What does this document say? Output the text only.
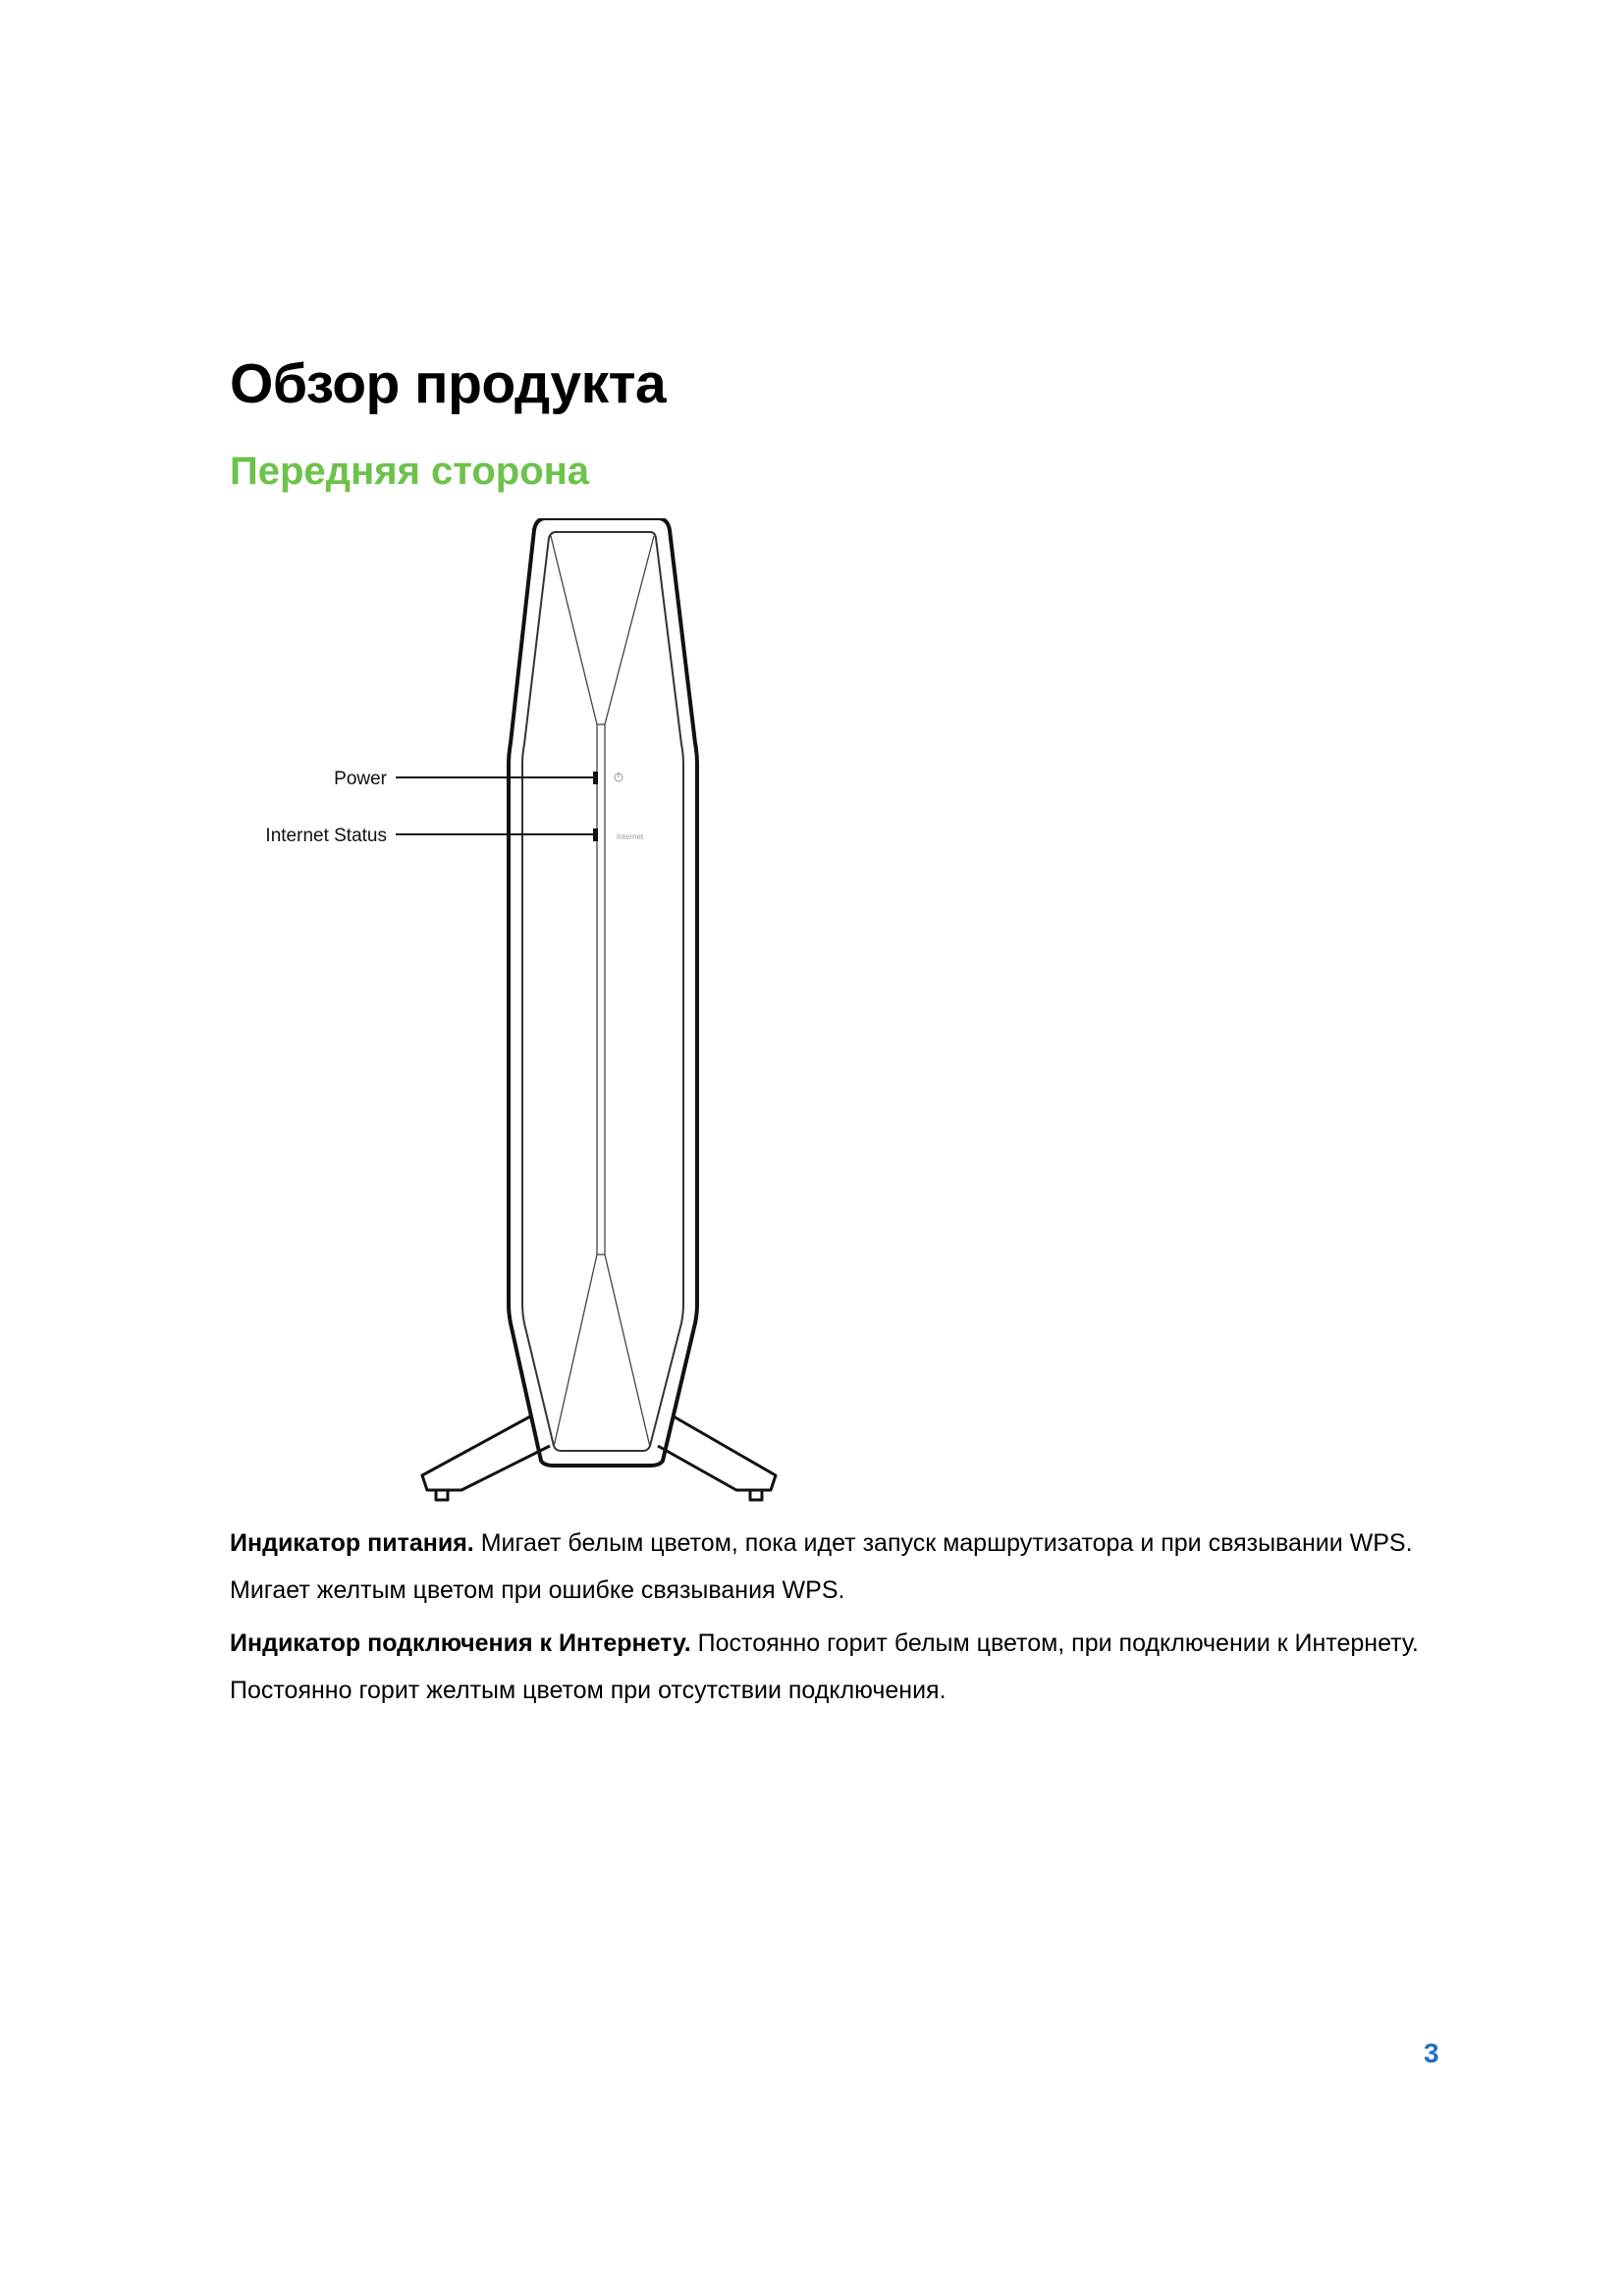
Обзор продукта
Передняя сторона
Internet
Power
Internet Status

Индикатор питания. Мигает белым цветом, пока идет запуск маршрутизатора и при связывании WPS. Мигает желтым цветом при ошибке связывания WPS.

Индикатор подключения к Интернету. Постоянно горит белым цветом, при подключении к Интернету. Постоянно горит желтым цветом при отсутствии подключения.

3
